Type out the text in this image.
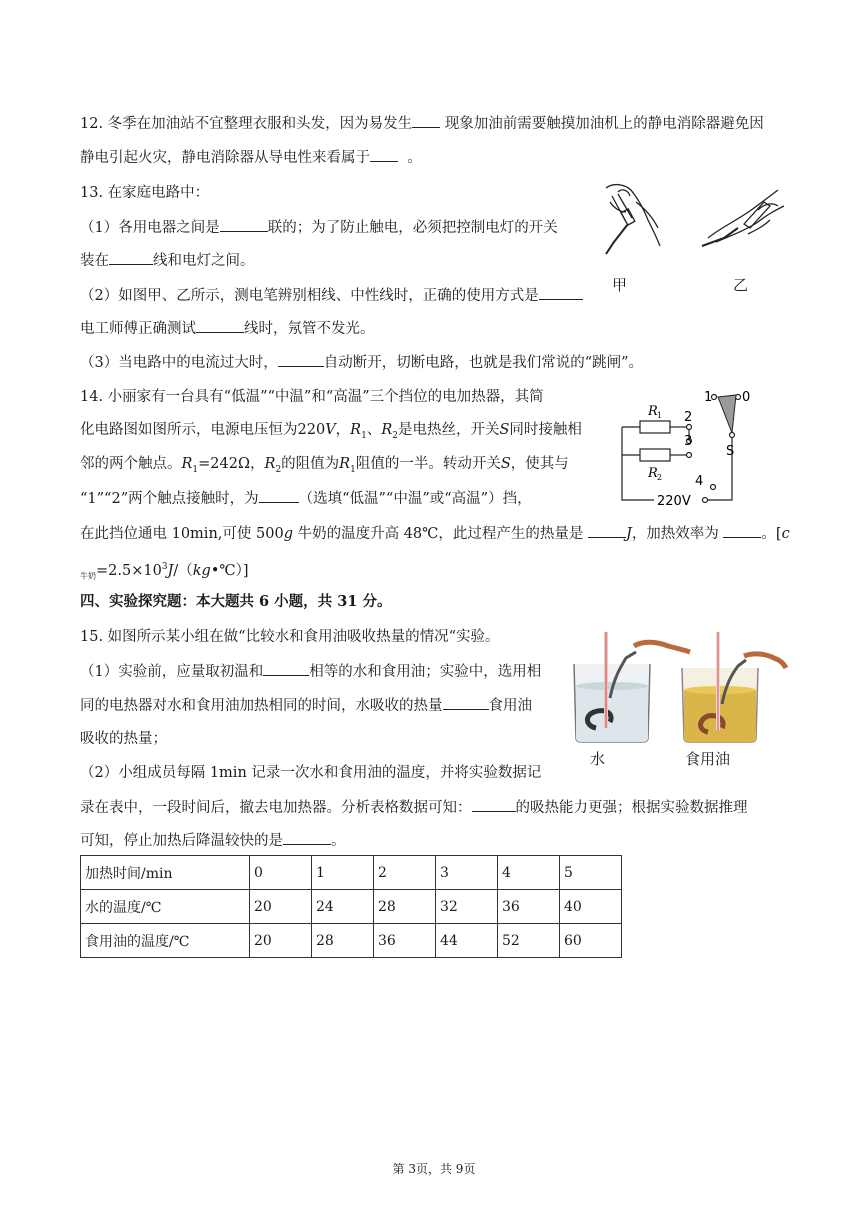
12. 冬季在加油站不宜整理衣服和头发，因为易发生 现象加油前需要触摸加油机上的静电消除器避免因
静电引起火灾，静电消除器从导电性来看属于	。
13. 在家庭电路中：
（1）各用电器之间是	联的；为了防止触电，必须把控制电灯的开关
装在	线和电灯之间。
（2）如图甲、乙所示，测电笔辨别相线、中性线时，正确的使用方式是
电工师傅正确测试	线时，氖管不发光。
（3）当电路中的电流过大时，	自动断开，切断电路，也就是我们常说的“跳闸”。
甲	乙
14. 小丽家有一台具有“低温”“中温”和“高温”三个挡位的电加热器，其简
化电路图如图所示，电源电压恒为220V，$R_1$、$R_2$是电热丝，开关S同时接触相
邻的两个触点。$R_1=242\Omega$，$R_2$的阻值为$R_1$阻值的一半。转动开关S，使其与
“1”“2”两个触点接触时，为	（选填“低温”“中温”或“高温”）挡，
在此挡位通电 10min,可使 500g 牛奶的温度升高 48℃，此过程产生的热量是	J，加热效率为	。[c
$_{牛奶}=2.5\times 10^3J/(kg•℃)$]
R 1
R 2
1 0
2
3
4
S
220V
四、实验探究题：本大题共 6 小题，共 31 分。
15. 如图所示某小组在做“比较水和食用油吸收热量的情况“实验。
（1）实验前，应量取初温和	相等的水和食用油；实验中，选用相
同的电热器对水和食用油加热相同的时间，水吸收的热量	食用油
吸收的热量；
（2）小组成员每隔 1min 记录一次水和食用油的温度，并将实验数据记
录在表中，一段时间后，撤去电加热器。分析表格数据可知：	的吸热能力更强；根据实验数据推理
可知，停止加热后降温较快的是	。
水	食用油
加热时间/min	0	1	2	3	4	5
水的温度/℃	20	24	28	32	36	40
食用油的温度/℃	20	28	36	44	52	60
第 3页，共 9页
